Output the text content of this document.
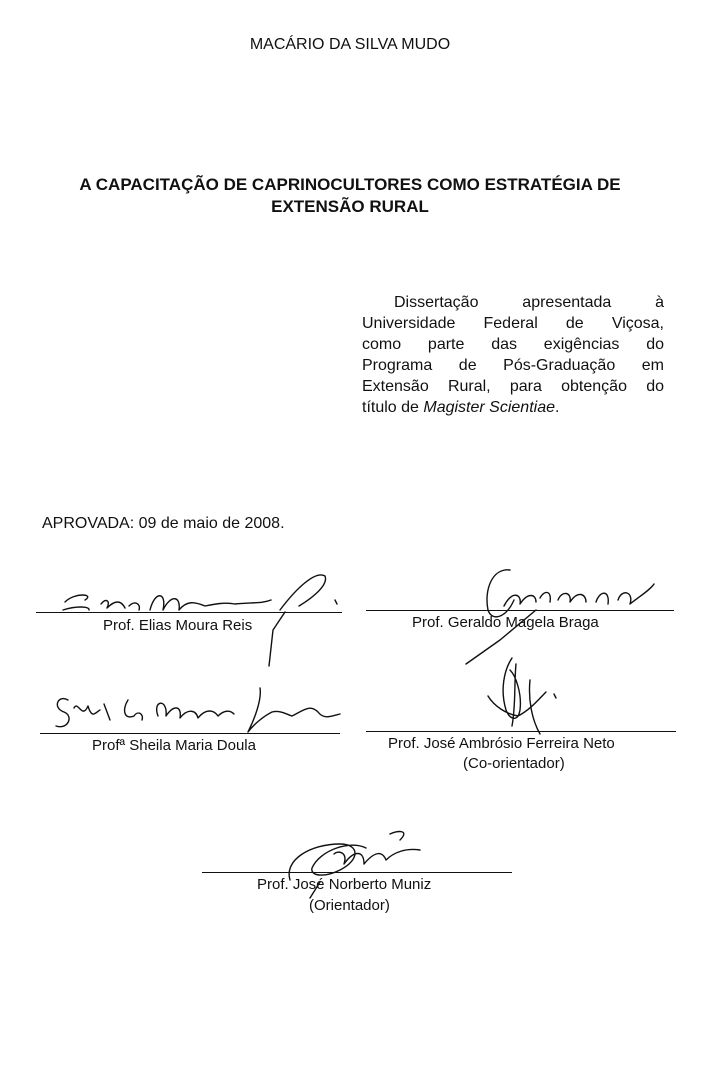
MACÁRIO DA SILVA MUDO
A CAPACITAÇÃO DE CAPRINOCULTORES COMO ESTRATÉGIA DE
EXTENSÃO RURAL
Dissertação apresentada à
Universidade Federal de Viçosa,
como parte das exigências do
Programa de Pós-Graduação em
Extensão Rural, para obtenção do
título de Magister Scientiae.
APROVADA: 09 de maio de 2008.
Prof. Elias Moura Reis	Prof. Geraldo Magela Braga
Profª Sheila Maria Doula	Prof. José Ambrósio Ferreira Neto
(Co-orientador)
Prof. José Norberto Muniz
(Orientador)
